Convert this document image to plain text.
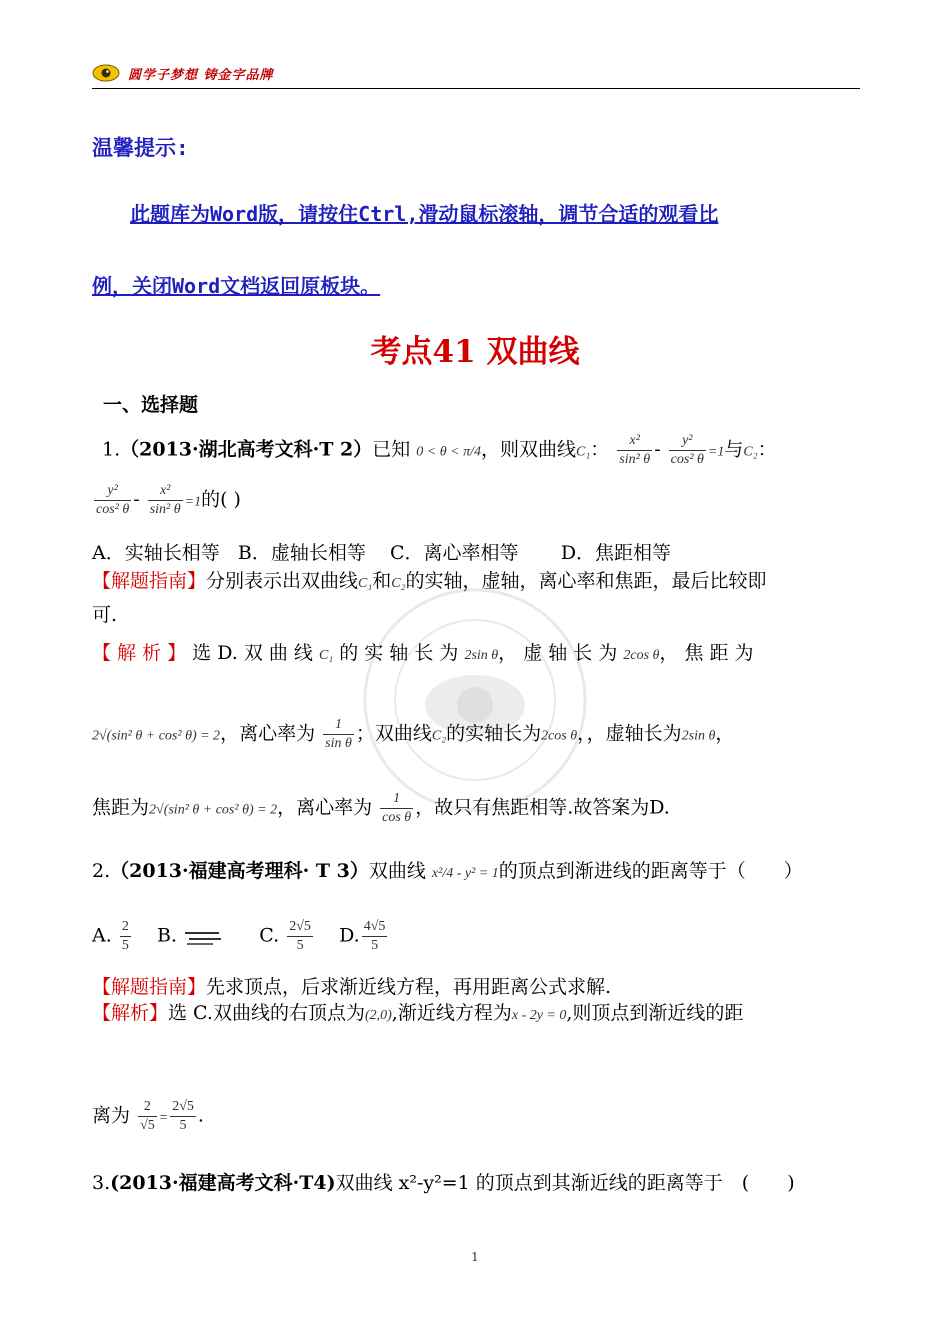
圆学子梦想 铸金字品牌
温馨提示:
此题库为Word版，请按住Ctrl,滑动鼠标滚轴，调节合适的观看比
例，关闭Word文档返回原板块。
考点41 双曲线
一、选择题
1.（2013·湖北高考文科·T 2）已知 0 < θ < π/4，则双曲线C₁： $\frac{\text{x²}}{\text{sin² θ}} - \frac{\text{y²}}{\text{cos² θ}} =1$与C₂：
$\frac{\text{y²}}{\text{cos² θ}} - \frac{\text{x²}}{\text{sin² θ}} =1$的( )
A．实轴长相等 B．虚轴长相等 C．离心率相等 D．焦距相等
【解题指南】分别表示出双曲线C₁和C₂的实轴，虚轴，离心率和焦距，最后比较即
可.
【 解 析 】 选 D. 双 曲 线 C₁ 的 实 轴 长 为 2sin θ， 虚 轴 长 为 2cos θ， 焦 距 为
2√(sin² θ + cos² θ) = 2，离心率为 $\frac{1}{\text{sin θ}}$ ；双曲线C₂的实轴长为2cos θ，，虚轴长为2sin θ，
焦距为2√(sin² θ + cos² θ) = 2，离心率为 $\frac{1}{\text{cos θ}}$ ，故只有焦距相等.故答案为D.
2.（2013·福建高考理科· T 3）双曲线 x²/4 - y² = 1的顶点到渐进线的距离等于（　　）
A. $\frac{2}{5} B$.	C. $\frac{2√5}{5} D$. $\frac{4√5}{5}$
【解题指南】先求顶点，后求渐近线方程，再用距离公式求解.
【解析】选 C.双曲线的右顶点为(2,0),渐近线方程为x - 2y = 0,则顶点到渐近线的距
离为 $\frac{2}{√5} = \frac{2√5}{5}$ .
3.(2013·福建高考文科·T4)双曲线 x²-y²=1 的顶点到其渐近线的距离等于　(　　)
1
